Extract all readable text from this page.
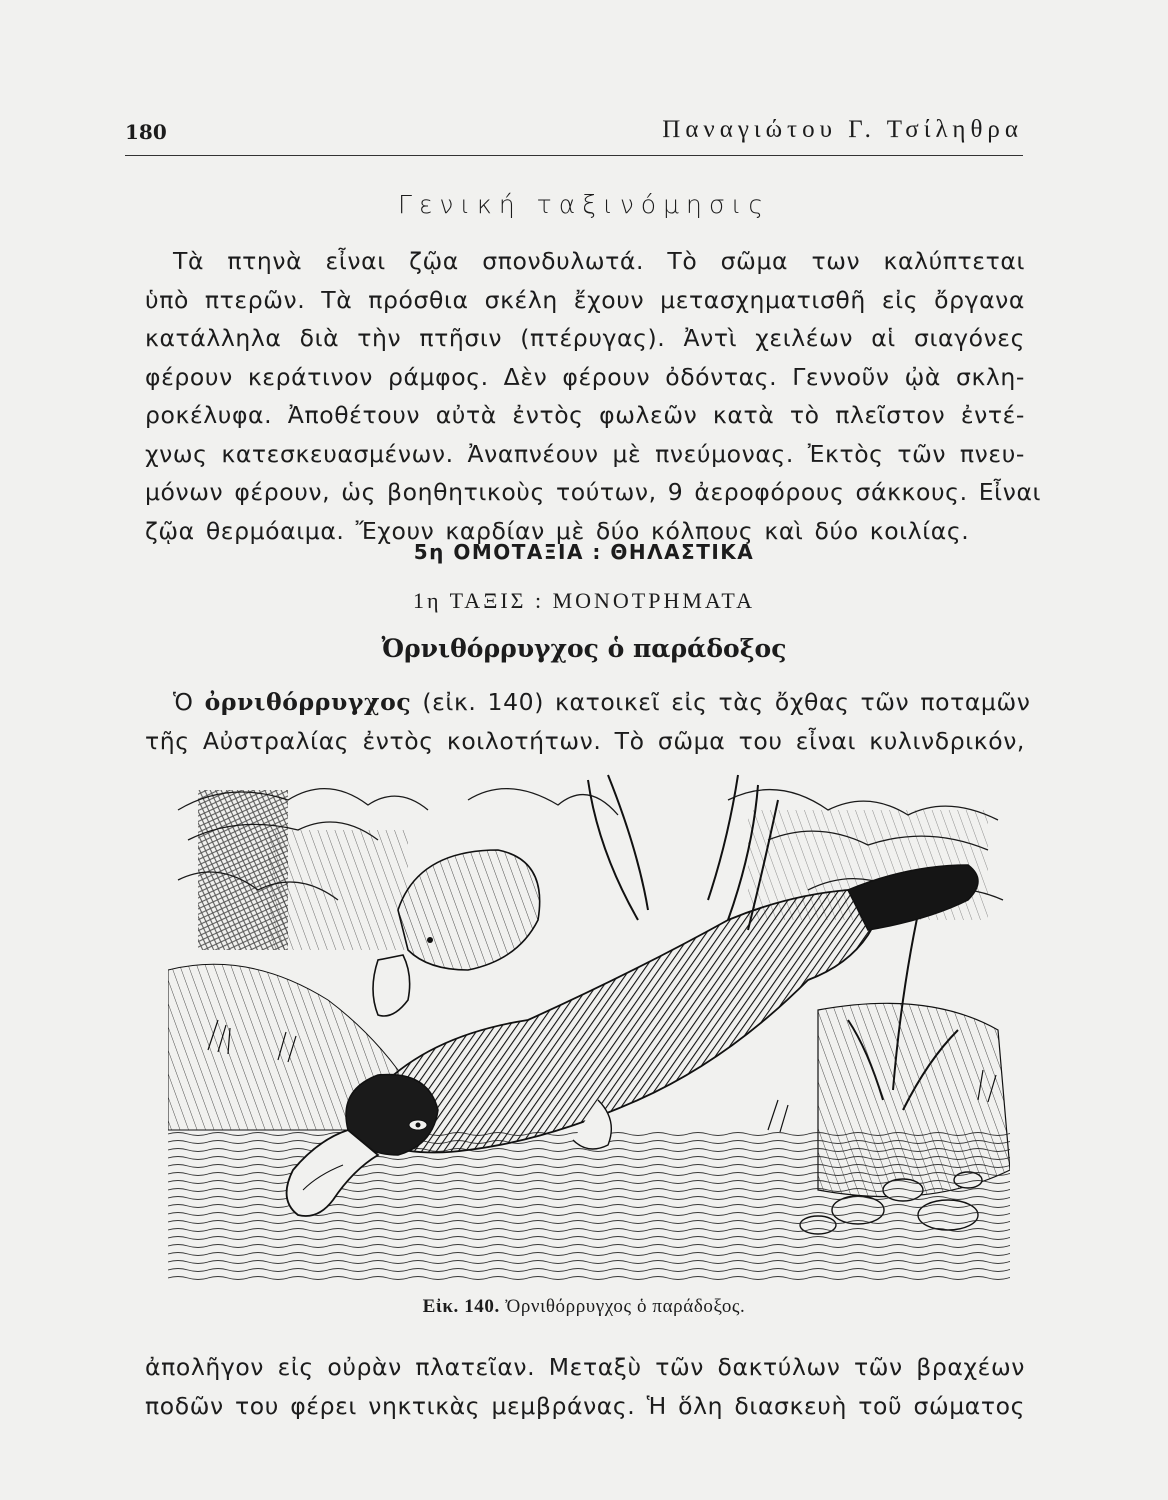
180	Παναγιώτου Γ. Τσίληθρα
Γενική ταξινόμησις
Τὰ πτηνὰ εἶναι ζῷα σπονδυλωτά. Τὸ σῶμα των καλύπτεται
ὑπὸ πτερῶν. Τὰ πρόσθια σκέλη ἔχουν μετασχηματισθῆ εἰς ὄργανα
κατάλληλα διὰ τὴν πτῆσιν (πτέρυγας). Ἀντὶ χειλέων αἱ σιαγόνες
φέρουν κεράτινον ράμφος. Δὲν φέρουν ὀδόντας. Γεννοῦν ᾠὰ σκλη-
ροκέλυφα. Ἀποθέτουν αὐτὰ ἐντὸς φωλεῶν κατὰ τὸ πλεῖστον ἐντέ-
χνως κατεσκευασμένων. Ἀναπνέουν μὲ πνεύμονας. Ἐκτὸς τῶν πνευ-
μόνων φέρουν, ὡς βοηθητικοὺς τούτων, 9 ἀεροφόρους σάκκους. Εἶναι
ζῷα θερμόαιμα. Ἔχουν καρδίαν μὲ δύο κόλπους καὶ δύο κοιλίας.
5η ΟΜΟΤΑΞΙΑ : ΘΗΛΑΣΤΙΚΑ
1η ΤΑΞΙΣ : ΜΟΝΟΤΡΗΜΑΤΑ
Ὀρνιθόρρυγχος ὁ παράδοξος
Ὁ ὀρνιθόρρυγχος (εἰκ. 140) κατοικεῖ εἰς τὰς ὄχθας τῶν ποταμῶν
τῆς Αὐστραλίας ἐντὸς κοιλοτήτων. Τὸ σῶμα του εἶναι κυλινδρικόν,
Εἰκ. 140. Ὀρνιθόρρυγχος ὁ παράδοξος.
ἀπολῆγον εἰς οὐρὰν πλατεῖαν. Μεταξὺ τῶν δακτύλων τῶν βραχέων
ποδῶν του φέρει νηκτικὰς μεμβράνας. Ἡ ὅλη διασκευὴ τοῦ σώματος
